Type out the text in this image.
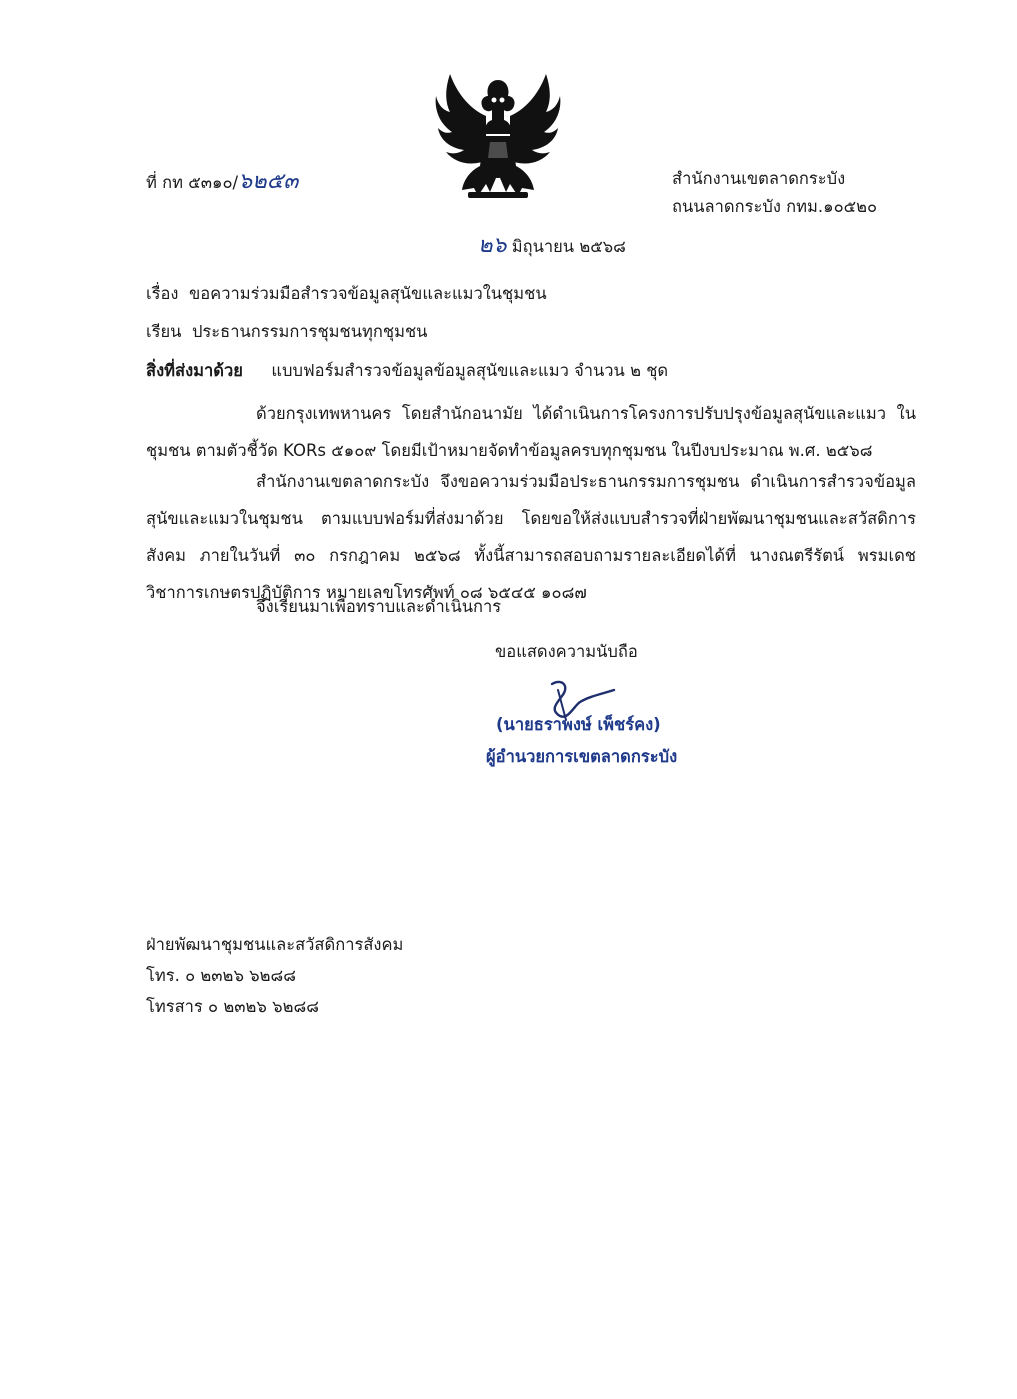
ที่ กท ๕๓๑๐/๖๒๕๓	สำนักงานเขตลาดกระบัง
ถนนลาดกระบัง กทม.๑๐๕๒๐
๒๖ มิถุนายน ๒๕๖๘
เรื่อง ขอความร่วมมือสำรวจข้อมูลสุนัขและแมวในชุมชน
เรียน ประธานกรรมการชุมชนทุกชุมชน
สิ่งที่ส่งมาด้วย แบบฟอร์มสำรวจข้อมูลข้อมูลสุนัขและแมว จำนวน ๒ ชุด
ด้วยกรุงเทพหานคร โดยสำนักอนามัย ได้ดำเนินการโครงการปรับปรุงข้อมูลสุนัขและแมว ในชุมชน ตามตัวชี้วัด KORs ๕๑๐๙ โดยมีเป้าหมายจัดทำข้อมูลครบทุกชุมชน ในปีงบประมาณ พ.ศ. ๒๕๖๘
สำนักงานเขตลาดกระบัง จึงขอความร่วมมือประธานกรรมการชุมชน ดำเนินการสำรวจข้อมูลสุนัขและแมวในชุมชน ตามแบบฟอร์มที่ส่งมาด้วย โดยขอให้ส่งแบบสำรวจที่ฝ่ายพัฒนาชุมชนและสวัสดิการสังคม ภายในวันที่ ๓๐ กรกฎาคม ๒๕๖๘ ทั้งนี้สามารถสอบถามรายละเอียดได้ที่ นางณตรีรัตน์ พรมเดช วิชาการเกษตรปฏิบัติการ หมายเลขโทรศัพท์ ๐๘ ๖๕๔๕ ๑๐๘๗
จึงเรียนมาเพื่อทราบและดำเนินการ
ขอแสดงความนับถือ
(นายธราพงษ์ เพ็ชร์คง)
ผู้อำนวยการเขตลาดกระบัง
ฝ่ายพัฒนาชุมชนและสวัสดิการสังคม
โทร. ๐ ๒๓๒๖ ๖๒๘๘
โทรสาร ๐ ๒๓๒๖ ๖๒๘๘
